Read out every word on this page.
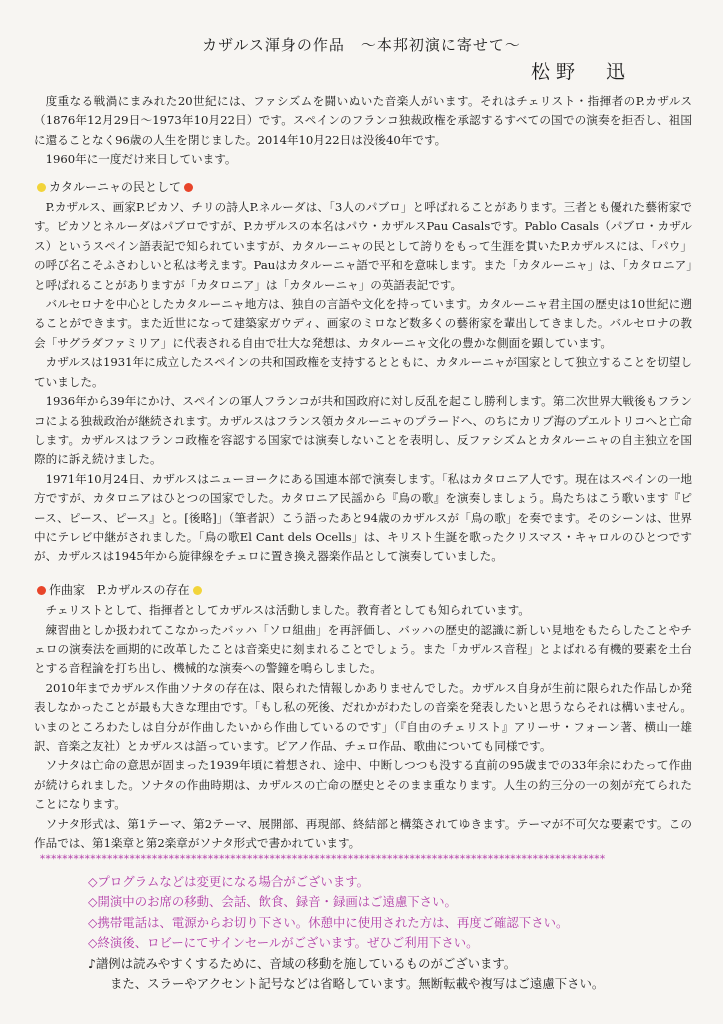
カザルス渾身の作品　～本邦初演に寄せて～
松野　迅

度重なる戦渦にまみれた20世紀には、ファシズムを闘いぬいた音楽人がいます。それはチェリスト・指揮者のP.カザルス（1876年12月29日～1973年10月22日）です。スペインのフランコ独裁政権を承認するすべての国での演奏を拒否し、祖国に還ることなく96歳の人生を閉じました。2014年10月22日は没後40年です。

1960年に一度だけ来日しています。

カタルーニャの民として

P.カザルス、画家P.ピカソ、チリの詩人P.ネルーダは、「3人のパブロ」と呼ばれることがあります。三者とも優れた藝術家です。ピカソとネルーダはパブロですが、P.カザルスの本名はパウ・カザルスPau Casalsです。Pablo Casals（パブロ・カザルス）というスペイン語表記で知られていますが、カタルーニャの民として誇りをもって生涯を貫いたP.カザルスには、「パウ」の呼び名こそふさわしいと私は考えます。Pauはカタルーニャ語で平和を意味します。また「カタルーニャ」は、「カタロニア」と呼ばれることがありますが「カタロニア」は「カタルーニャ」の英語表記です。

バルセロナを中心としたカタルーニャ地方は、独自の言語や文化を持っています。カタルーニャ君主国の歴史は10世紀に遡ることができます。また近世になって建築家ガウディ、画家のミロなど数多くの藝術家を輩出してきました。バルセロナの教会「サグラダファミリア」に代表される自由で壮大な発想は、カタルーニャ文化の豊かな側面を顕しています。

カザルスは1931年に成立したスペインの共和国政権を支持するとともに、カタルーニャが国家として独立することを切望していました。

1936年から39年にかけ、スペインの軍人フランコが共和国政府に対し反乱を起こし勝利します。第二次世界大戦後もフランコによる独裁政治が継続されます。カザルスはフランス領カタルーニャのプラードへ、のちにカリブ海のプエルトリコへと亡命します。カザルスはフランコ政権を容認する国家では演奏しないことを表明し、反ファシズムとカタルーニャの自主独立を国際的に訴え続けました。

1971年10月24日、カザルスはニューヨークにある国連本部で演奏します。「私はカタロニア人です。現在はスペインの一地方ですが、カタロニアはひとつの国家でした。カタロニア民謡から『鳥の歌』を演奏しましょう。鳥たちはこう歌います『ピース、ピース、ピース』と。[後略]」（筆者訳）こう語ったあと94歳のカザルスが「鳥の歌」を奏でます。そのシーンは、世界中にテレビ中継がされました。「鳥の歌El Cant dels Ocells」は、キリスト生誕を歌ったクリスマス・キャロルのひとつですが、カザルスは1945年から旋律線をチェロに置き換え器楽作品として演奏していました。

作曲家　P.カザルスの存在

チェリストとして、指揮者としてカザルスは活動しました。教育者としても知られています。

練習曲としか扱われてこなかったバッハ「ソロ組曲」を再評価し、バッハの歴史的認識に新しい見地をもたらしたことやチェロの演奏法を画期的に改革したことは音楽史に刻まれることでしょう。また「カザルス音程」とよばれる有機的要素を土台とする音程論を打ち出し、機械的な演奏への警鐘を鳴らしました。

2010年までカザルス作曲ソナタの存在は、限られた情報しかありませんでした。カザルス自身が生前に限られた作品しか発表しなかったことが最も大きな理由です。「もし私の死後、だれかがわたしの音楽を発表したいと思うならそれは構いません。いまのところわたしは自分が作曲したいから作曲しているのです」（『自由のチェリスト』アリーサ・フォーン著、横山一雄訳、音楽之友社）とカザルスは語っています。ピアノ作品、チェロ作品、歌曲についても同様です。

ソナタは亡命の意思が固まった1939年頃に着想され、途中、中断しつつも没する直前の95歳までの33年余にわたって作曲が続けられました。ソナタの作曲時期は、カザルスの亡命の歴史とそのまま重なります。人生の約三分の一の刻が充てられたことになります。

ソナタ形式は、第1テーマ、第2テーマ、展開部、再現部、終結部と構築されてゆきます。テーマが不可欠な要素です。この作品では、第1楽章と第2楽章がソナタ形式で書かれています。

*****************************************************************************************************

◇プログラムなどは変更になる場合がございます。

◇開演中のお席の移動、会話、飲食、録音・録画はご遠慮下さい。

◇携帯電話は、電源からお切り下さい。休憩中に使用された方は、再度ご確認下さい。

◇終演後、ロビーにてサインセールがございます。ぜひご利用下さい。

♪譜例は読みやすくするために、音域の移動を施しているものがございます。

また、スラーやアクセント記号などは省略しています。無断転載や複写はご遠慮下さい。
